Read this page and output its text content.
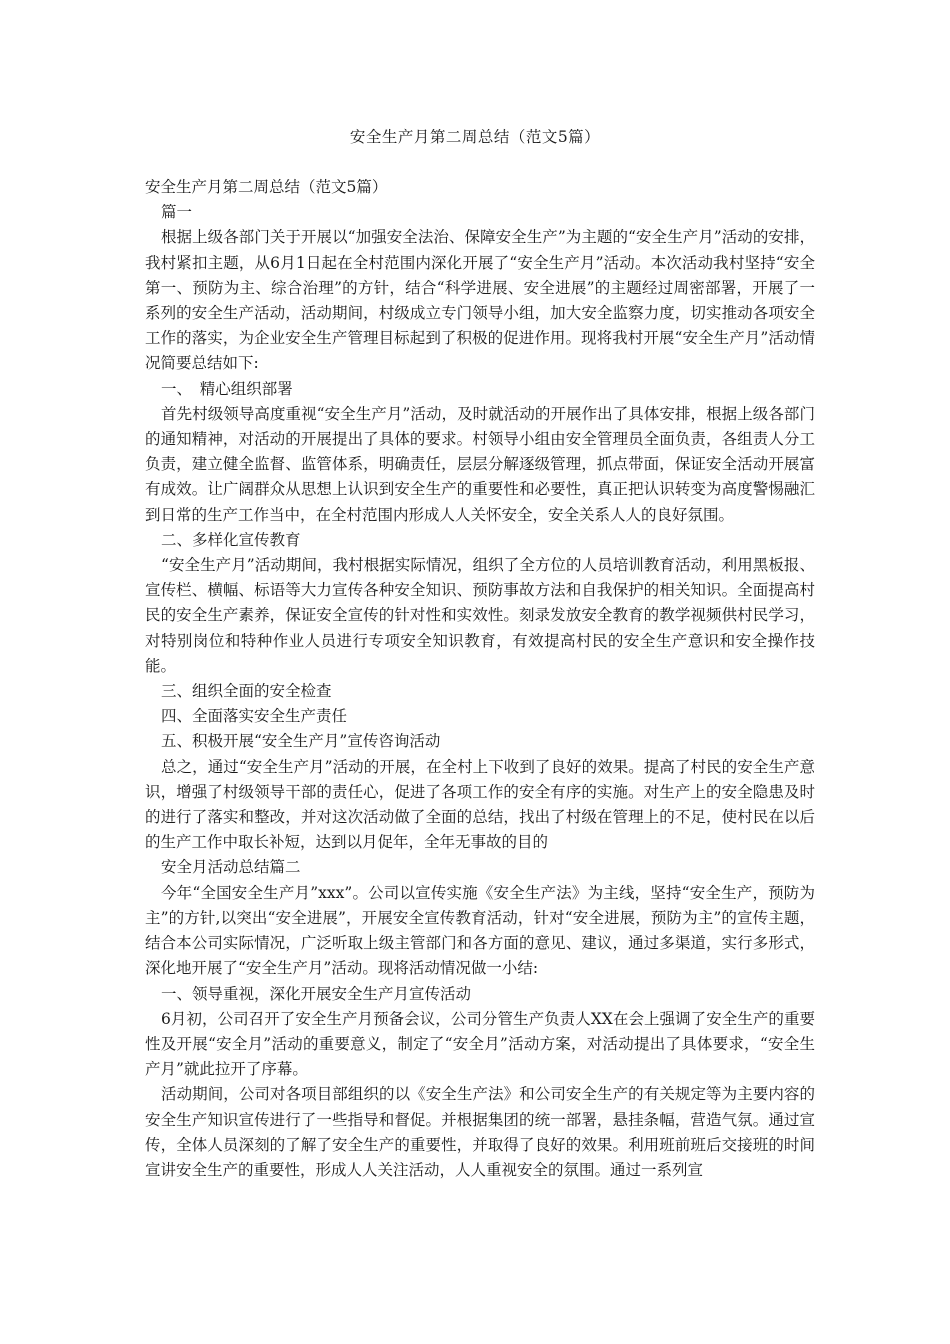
安全生产月第二周总结（范文5篇）

安全生产月第二周总结（范文5篇）

篇一

根据上级各部门关于开展以“加强安全法治、保障安全生产”为主题的“安全生产月”活动的安排，我村紧扣主题，从6月1日起在全村范围内深化开展了“安全生产月”活动。本次活动我村坚持“安全第一、预防为主、综合治理”的方针，结合“科学进展、安全进展”的主题经过周密部署，开展了一系列的安全生产活动，活动期间，村级成立专门领导小组，加大安全监察力度，切实推动各项安全工作的落实，为企业安全生产管理目标起到了积极的促进作用。现将我村开展“安全生产月”活动情况简要总结如下:

一、　精心组织部署

首先村级领导高度重视“安全生产月”活动，及时就活动的开展作出了具体安排，根据上级各部门的通知精神，对活动的开展提出了具体的要求。村领导小组由安全管理员全面负责，各组责人分工负责，建立健全监督、监管体系，明确责任，层层分解逐级管理，抓点带面，保证安全活动开展富有成效。让广阔群众从思想上认识到安全生产的重要性和必要性，真正把认识转变为高度警惕融汇到日常的生产工作当中，在全村范围内形成人人关怀安全，安全关系人人的良好氛围。

二、多样化宣传教育

“安全生产月”活动期间，我村根据实际情况，组织了全方位的人员培训教育活动，利用黑板报、宣传栏、横幅、标语等大力宣传各种安全知识、预防事故方法和自我保护的相关知识。全面提高村民的安全生产素养，保证安全宣传的针对性和实效性。刻录发放安全教育的教学视频供村民学习，对特别岗位和特种作业人员进行专项安全知识教育，有效提高村民的安全生产意识和安全操作技能。

三、组织全面的安全检查

四、全面落实安全生产责任

五、积极开展“安全生产月”宣传咨询活动

总之，通过“安全生产月”活动的开展，在全村上下收到了良好的效果。提高了村民的安全生产意识，增强了村级领导干部的责任心，促进了各项工作的安全有序的实施。对生产上的安全隐患及时的进行了落实和整改，并对这次活动做了全面的总结，找出了村级在管理上的不足，使村民在以后的生产工作中取长补短，达到以月促年，全年无事故的目的

安全月活动总结篇二

今年“全国安全生产月”xxx”。公司以宣传实施《安全生产法》为主线，坚持“安全生产，预防为主”的方针,以突出“安全进展”，开展安全宣传教育活动，针对“安全进展，预防为主”的宣传主题，结合本公司实际情况，广泛听取上级主管部门和各方面的意见、建议，通过多渠道，实行多形式，深化地开展了“安全生产月”活动。现将活动情况做一小结:

一、领导重视，深化开展安全生产月宣传活动

6月初，公司召开了安全生产月预备会议，公司分管生产负责人XX在会上强调了安全生产的重要性及开展“安全月”活动的重要意义，制定了“安全月”活动方案，对活动提出了具体要求，“安全生产月”就此拉开了序幕。

活动期间，公司对各项目部组织的以《安全生产法》和公司安全生产的有关规定等为主要内容的安全生产知识宣传进行了一些指导和督促。并根据集团的统一部署，悬挂条幅，营造气氛。通过宣传，全体人员深刻的了解了安全生产的重要性，并取得了良好的效果。利用班前班后交接班的时间宣讲安全生产的重要性，形成人人关注活动，人人重视安全的氛围。通过一系列宣
